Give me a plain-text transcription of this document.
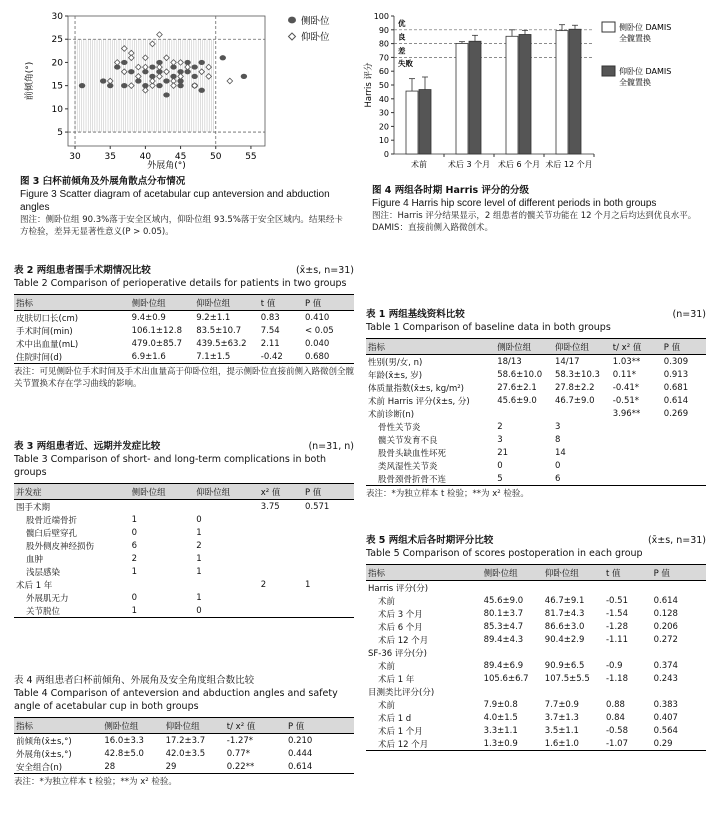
30	35	40	45	50	55
5
10
15
20
25
30
外展角(°)
前倾角(°)
侧卧位
仰卧位
图 3 臼杯前倾角及外展角散点分布情况
Figure 3 Scatter diagram of acetabular cup anteversion and abduction angles
图注：侧卧位组 90.3%落于安全区域内，仰卧位组 93.5%落于安全区域内。结果经卡方检验，差异无显著性意义(P > 0.05)。
0
10
20
30
40
50
60
70
80
90
100
优
良
差
失败
Harris 评分
术前	术后 3 个月 术后 6 个月 术后 12 个月
侧卧位 DAMIS 全髋置换
仰卧位 DAMIS 全髋置换
图 4 两组各时期 Harris 评分的分级
Figure 4 Harris hip score level of different periods in both groups
图注：Harris 评分结果显示，2 组患者的髋关节功能在 12 个月之后均达到优良水平。DAMIS：直接前侧入路微创术。
表 2 两组患者围手术期情况比较	(x̄±s, n=31)
Table 2 Comparison of perioperative details for patients in two groups
指标	侧卧位组	仰卧位组	t 值	P 值
皮肤切口长(cm)	9.4±0.9	9.2±1.1	0.83	0.410
手术时间(min)	106.1±12.8	83.5±10.7	7.54	< 0.05
术中出血量(mL)	479.0±85.7	439.5±63.2	2.11	0.040
住院时间(d)	6.9±1.6	7.1±1.5	-0.42	0.680
表注：可见侧卧位手术时间及手术出血量高于仰卧位组，提示侧卧位直接前侧入路微创全髋关节置换术存在学习曲线的影响。
表 3 两组患者近、远期并发症比较	(n=31, n)
Table 3 Comparison of short- and long-term complications in both groups
并发症	侧卧位组	仰卧位组	x² 值	P 值
围手术期			3.75	0.571
股骨近端骨折	1	0		
髋臼后壁穿孔	0	1		
股外侧皮神经损伤	6	2		
血肿	2	1		
浅层感染	1	1		
术后 1 年			2	1
外展肌无力	0	1		
关节脱位	1	0		
表 4 两组患者臼杯前倾角、外展角及安全角度组合数比较
Table 4 Comparison of anteversion and abduction angles and safety angle of acetabular cup in both groups
指标	侧卧位组	仰卧位组	t/ x² 值	P 值
前倾角(x̄±s,°)	16.0±3.3	17.2±3.7	-1.27*	0.210
外展角(x̄±s,°)	42.8±5.0	42.0±3.5	0.77*	0.444
安全组合(n)	28	29	0.22**	0.614
表注：*为独立样本 t 检验；**为 x² 检验。
表 1 两组基线资料比较	(n=31)
Table 1 Comparison of baseline data in both groups
指标	侧卧位组	仰卧位组	t/ x² 值	P 值
性别(男/女, n)	18/13	14/17	1.03**	0.309
年龄(x̄±s, 岁)	58.6±10.0	58.3±10.3	0.11*	0.913
体质量指数(x̄±s, kg/m²)	27.6±2.1	27.8±2.2	-0.41*	0.681
术前 Harris 评分(x̄±s, 分)	45.6±9.0	46.7±9.0	-0.51*	0.614
术前诊断(n)			3.96**	0.269
骨性关节炎	2	3		
髋关节发育不良	3	8		
股骨头缺血性坏死	21	14		
类风湿性关节炎	0	0		
股骨颈骨折骨不连	5	6		
表注：*为独立样本 t 检验；**为 x² 检验。
表 5 两组术后各时期评分比较	(x̄±s, n=31)
Table 5 Comparison of scores postoperation in each group
指标	侧卧位组	仰卧位组	t 值	P 值
Harris 评分(分)				
术前	45.6±9.0	46.7±9.1	-0.51	0.614
术后 3 个月	80.1±3.7	81.7±4.3	-1.54	0.128
术后 6 个月	85.3±4.7	86.6±3.0	-1.28	0.206
术后 12 个月	89.4±4.3	90.4±2.9	-1.11	0.272
SF-36 评分(分)				
术前	89.4±6.9	90.9±6.5	-0.9	0.374
术后 1 年	105.6±6.7	107.5±5.5	-1.18	0.243
目测类比评分(分)				
术前	7.9±0.8	7.7±0.9	0.88	0.383
术后 1 d	4.0±1.5	3.7±1.3	0.84	0.407
术后 1 个月	3.3±1.1	3.5±1.1	-0.58	0.564
术后 12 个月	1.3±0.9	1.6±1.0	-1.07	0.29
